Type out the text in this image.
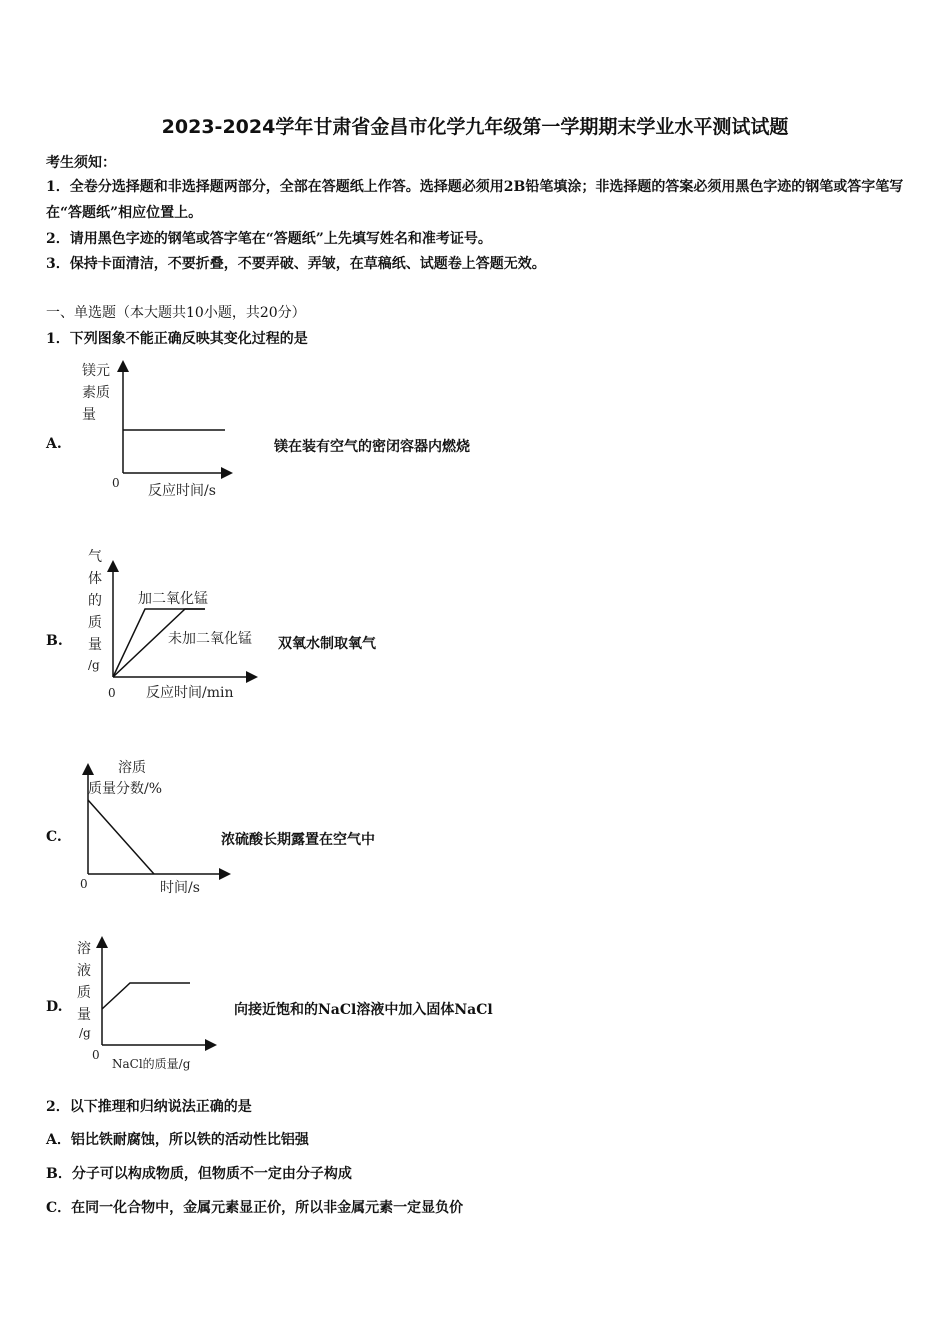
2023-2024学年甘肃省金昌市化学九年级第一学期期末学业水平测试试题
考生须知：
1．全卷分选择题和非选择题两部分，全部在答题纸上作答。选择题必须用2B铅笔填涂；非选择题的答案必须用黑色字迹的钢笔或答字笔写在“答题纸”相应位置上。
2．请用黑色字迹的钢笔或答字笔在“答题纸”上先填写姓名和准考证号。
3．保持卡面清洁，不要折叠，不要弄破、弄皱，在草稿纸、试题卷上答题无效。
一、单选题（本大题共10小题，共20分）
1．下列图象不能正确反映其变化过程的是
A.
镁元
素质
量
0 反应时间/s
镁在装有空气的密闭容器内燃烧
B.
气
体
的
质
量
/g
加二氧化锰
未加二氧化锰
0 反应时间/min
双氧水制取氧气
C.
溶质
质量分数/%
0	时间/s
浓硫酸长期露置在空气中
D.
溶
液
质
量
/g
0
NaCl的质量/g
向接近饱和的NaCl溶液中加入固体NaCl
2．以下推理和归纳说法正确的是
A．铝比铁耐腐蚀，所以铁的活动性比铝强
B．分子可以构成物质，但物质不一定由分子构成
C．在同一化合物中，金属元素显正价，所以非金属元素一定显负价
